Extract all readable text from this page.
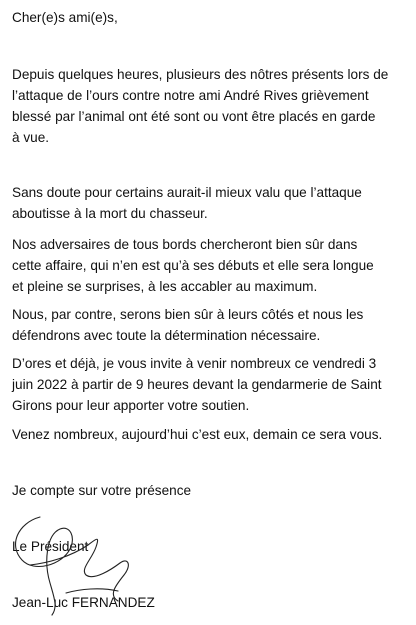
Cher(e)s ami(e)s,

Depuis quelques heures, plusieurs des nôtres présents lors de
l’attaque de l’ours contre notre ami André Rives grièvement
blessé par l’animal ont été sont ou vont être placés en garde
à vue.
Sans doute pour certains aurait-il mieux valu que l’attaque
aboutisse à la mort du chasseur.
Nos adversaires de tous bords chercheront bien sûr dans
cette affaire, qui n’en est qu’à ses débuts et elle sera longue
et pleine se surprises, à les accabler au maximum.
Nous, par contre, serons bien sûr à leurs côtés et nous les
défendrons avec toute la détermination nécessaire.
D’ores et déjà, je vous invite à venir nombreux ce vendredi 3
juin 2022 à partir de 9 heures devant la gendarmerie de Saint
Girons pour leur apporter votre soutien.
Venez nombreux, aujourd’hui c’est eux, demain ce sera vous.

Je compte sur votre présence

Le Président

Jean-Luc FERNANDEZ
